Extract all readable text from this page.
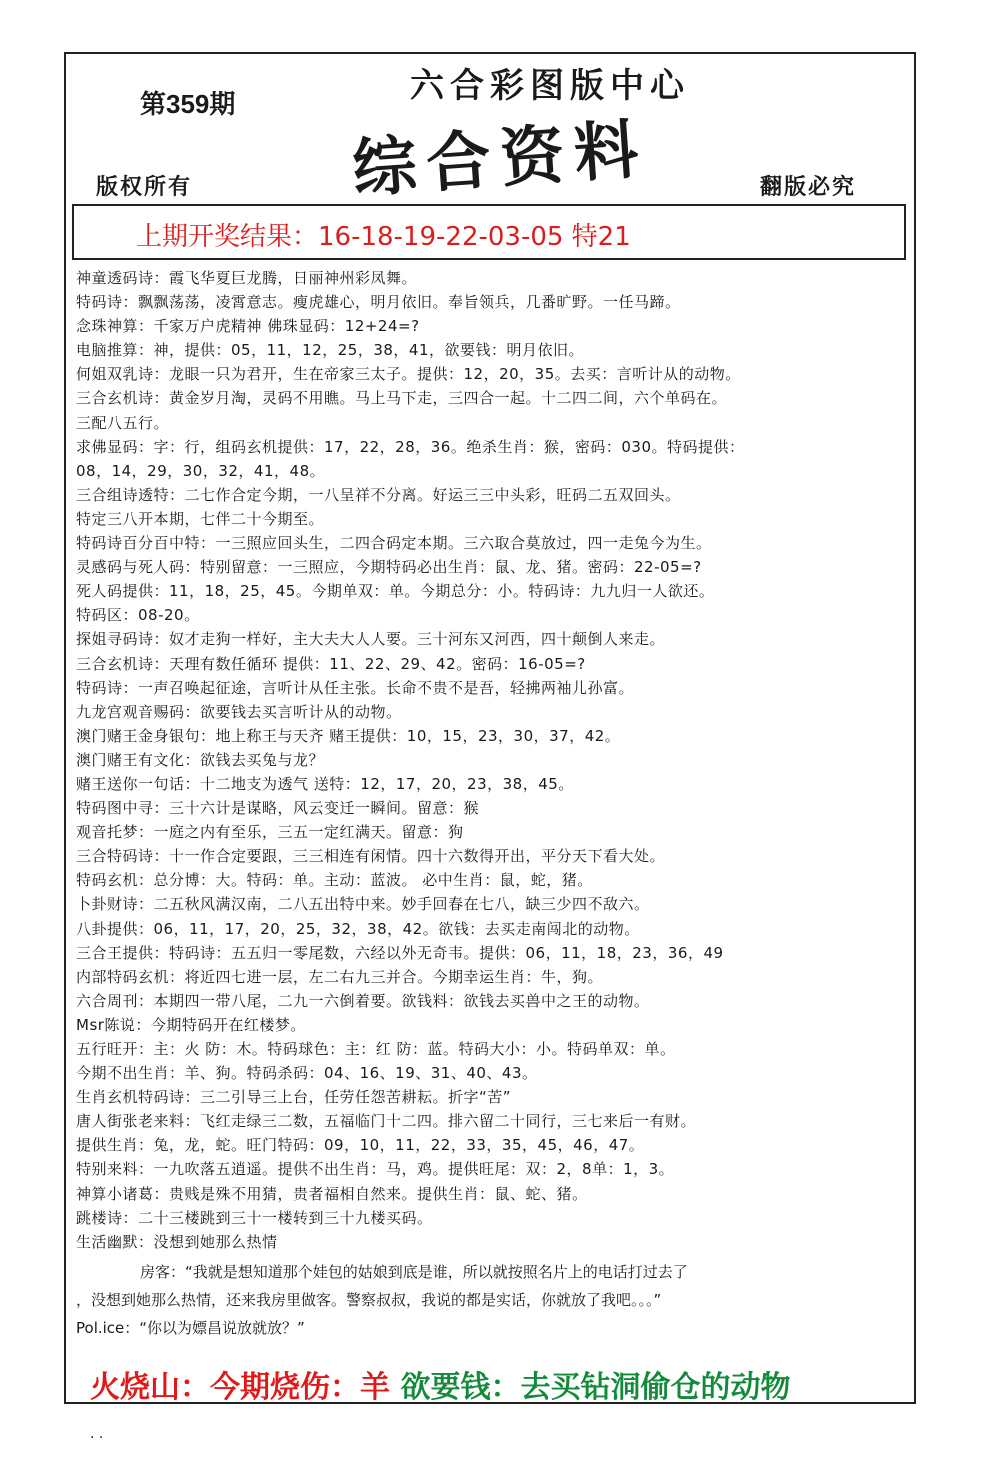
第359期	六合彩图版中心
综合资料
版权所有	翻版必究
上期开奖结果：16-18-19-22-03-05 特21
神童透码诗：霞飞华夏巨龙腾，日丽神州彩凤舞。
特码诗：飘飘荡荡，凌霄意志。瘦虎雄心，明月依旧。奉旨领兵，几番旷野。一任马蹄。
念珠神算：千家万户虎精神 佛珠显码：12+24=?
电脑推算：神，提供：05，11，12，25，38，41，欲要钱：明月依旧。
何姐双乳诗：龙眼一只为君开，生在帝家三太子。提供：12，20，35。去买：言听计从的动物。
三合玄机诗：黄金岁月淘，灵码不用瞧。马上马下走，三四合一起。十二四二间，六个单码在。
三配八五行。
求佛显码：字：行，组码玄机提供：17，22，28，36。绝杀生肖：猴，密码：030。特码提供：
08，14，29，30，32，41，48。
三合组诗透特：二七作合定今期，一八呈祥不分离。好运三三中头彩，旺码二五双回头。
特定三八开本期，七伴二十今期至。
特码诗百分百中特：一三照应回头生，二四合码定本期。三六取合莫放过，四一走兔今为生。
灵感码与死人码：特别留意：一三照应，今期特码必出生肖：鼠、龙、猪。密码：22-05=?
死人码提供：11，18，25，45。今期单双：单。今期总分：小。特码诗：九九归一人欲还。
特码区：08-20。
探姐寻码诗：奴才走狗一样好，主大夫大人人要。三十河东又河西，四十颠倒人来走。
三合玄机诗：天理有数任循环 提供：11、22、29、42。密码：16-05=?
特码诗：一声召唤起征途，言听计从任主张。长命不贵不是吾，轻拂两袖儿孙富。
九龙宫观音赐码：欲要钱去买言听计从的动物。
澳门赌王金身银句：地上称王与天齐 赌王提供：10，15，23，30，37，42。
澳门赌王有文化：欲钱去买兔与龙？
赌王送你一句话：十二地支为透气 送特：12，17，20，23，38，45。
特码图中寻：三十六计是谋略，风云变迁一瞬间。留意：猴
观音托梦：一庭之内有至乐，三五一定红满天。留意：狗
三合特码诗：十一作合定要跟，三三相连有闲情。四十六数得开出，平分天下看大处。
特码玄机：总分博：大。特码：单。主动：蓝波。 必中生肖：鼠，蛇，猪。
卜卦财诗：二五秋风满汉南，二八五出特中来。妙手回春在七八，缺三少四不敌六。
八卦提供：06，11，17，20，25，32，38，42。欲钱：去买走南闯北的动物。
三合王提供：特码诗：五五归一零尾数，六经以外无奇韦。提供：06，11，18，23，36，49
内部特码玄机：将近四七进一层，左二右九三并合。今期幸运生肖：牛，狗。
六合周刊：本期四一带八尾，二九一六倒着要。欲钱料：欲钱去买兽中之王的动物。
Msr陈说：今期特码开在红楼梦。
五行旺开：主：火 防：木。特码球色：主：红 防：蓝。特码大小：小。特码单双：单。
今期不出生肖：羊、狗。特码杀码：04、16、19、31、40、43。
生肖玄机特码诗：三二引导三上台，任劳任怨苦耕耘。折字“苦”
唐人街张老来料：飞红走绿三二数，五福临门十二四。排六留二十同行，三七来后一有财。
提供生肖：兔，龙，蛇。旺门特码：09，10，11，22，33，35，45，46，47。
特别来料：一九吹落五逍遥。提供不出生肖：马，鸡。提供旺尾：双：2，8单：1，3。
神算小诸葛：贵贱是殊不用猜，贵者福相自然来。提供生肖：鼠、蛇、猪。
跳楼诗：二十三楼跳到三十一楼转到三十九楼买码。
生活幽默：没想到她那么热情
房客：“我就是想知道那个娃包的姑娘到底是谁，所以就按照名片上的电话打过去了
，没想到她那么热情，还来我房里做客。警察叔叔，我说的都是实话，你就放了我吧。。。”
Pol.ice：“你以为嫖昌说放就放？”
火烧山：今期烧伤：羊 欲要钱：去买钻洞偷仓的动物
. .
